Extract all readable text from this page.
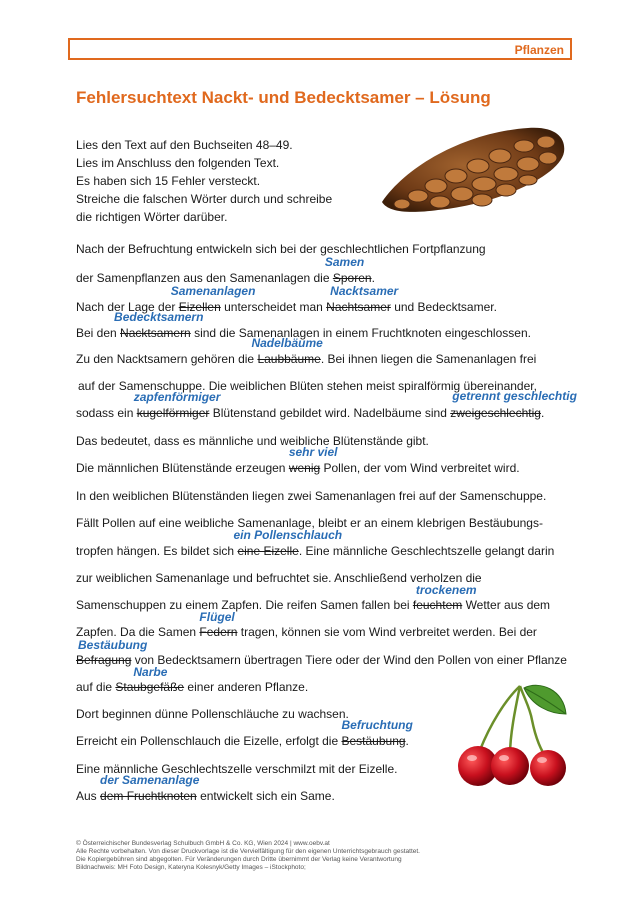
Pflanzen
Fehlersuchtext Nackt- und Bedecktsamer – Lösung
Lies den Text auf den Buchseiten 48–49.
Lies im Anschluss den folgenden Text.
Es haben sich 15 Fehler versteckt.
Streiche die falschen Wörter durch und schreibe
die richtigen Wörter darüber.
Nach der Befruchtung entwickeln sich bei der geschlechtlichen Fortpflanzung
der Samenpflanzen aus den Samenanlagen die Sporen
Samen
.
Nach der Lage der Eizellen
Samenanlagen
unterscheidet man Nachtsamer
Nacktsamer
und Bedecktsamer.
Bei den Nacktsamern
Bedecktsamern
sind die Samenanlagen in einem Fruchtknoten eingeschlossen.
Zu den Nacktsamern gehören die Laubbäume
Nadelbäume
. Bei ihnen liegen die Samenanlagen frei
auf der Samenschuppe. Die weiblichen Blüten stehen meist spiralförmig übereinander,
sodass ein kugelförmiger
zapfenförmiger
Blütenstand gebildet wird. Nadelbäume sind zweigeschlechtig
getrennt geschlechtig
.
Das bedeutet, dass es männliche und weibliche Blütenstände gibt.
Die männlichen Blütenstände erzeugen wenig
sehr viel
Pollen, der vom Wind verbreitet wird.
In den weiblichen Blütenständen liegen zwei Samenanlagen frei auf der Samenschuppe.
Fällt Pollen auf eine weibliche Samenanlage, bleibt er an einem klebrigen Bestäubungs-
tropfen hängen. Es bildet sich eine Eizelle
ein Pollenschlauch
. Eine männliche Geschlechtszelle gelangt darin
zur weiblichen Samenanlage und befruchtet sie. Anschließend verholzen die
Samenschuppen zu einem Zapfen. Die reifen Samen fallen bei feuchtem
trockenem
Wetter aus dem
Zapfen. Da die Samen Federn
Flügel
tragen, können sie vom Wind verbreitet werden. Bei der
Befragung
Bestäubung
von Bedecktsamern übertragen Tiere oder der Wind den Pollen von einer Pflanze
auf die Staubgefäße
Narbe
einer anderen Pflanze.
Dort beginnen dünne Pollenschläuche zu wachsen.
Erreicht ein Pollenschlauch die Eizelle, erfolgt die Bestäubung
Befruchtung
.
Eine männliche Geschlechtszelle verschmilzt mit der Eizelle.
Aus dem Fruchtknoten
der Samenanlage
entwickelt sich ein Same.
© Österreichischer Bundesverlag Schulbuch GmbH & Co. KG, Wien 2024 | www.oebv.at
Alle Rechte vorbehalten. Von dieser Druckvorlage ist die Vervielfältigung für den eigenen Unterrichtsgebrauch gestattet.
Die Kopiergebühren sind abgegolten. Für Veränderungen durch Dritte übernimmt der Verlag keine Verantwortung
Bildnachweis: MH Foto Design, Kateryna Kolesnyk/Getty Images – iStockphoto;
